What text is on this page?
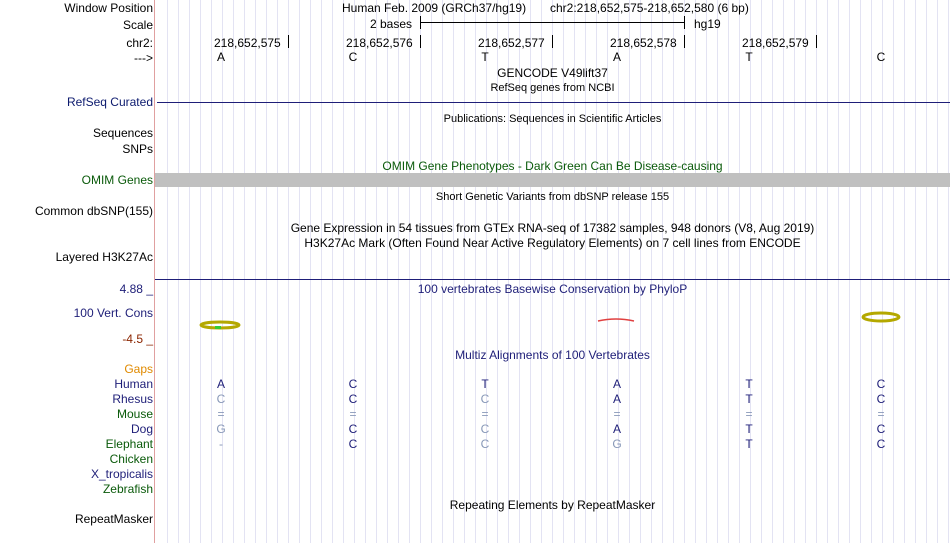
Window Position	Human Feb. 2009 (GRCh37/hg19) chr2:218,652,575-218,652,580 (6 bp)
Scale	2 bases	hg19
chr2:	218,652,575	218,652,576	218,652,577	218,652,578	218,652,579
--->	A	C	T	A	T	C
GENCODE V49lift37
RefSeq genes from NCBI
RefSeq Curated
Publications: Sequences in Scientific Articles
Sequences
SNPs
OMIM Gene Phenotypes - Dark Green Can Be Disease-causing
OMIM Genes
Short Genetic Variants from dbSNP release 155
Common dbSNP(155)
Gene Expression in 54 tissues from GTEx RNA-seq of 17382 samples, 948 donors (V8, Aug 2019)
H3K27Ac Mark (Often Found Near Active Regulatory Elements) on 7 cell lines from ENCODE
Layered H3K27Ac
4.88 _	100 vertebrates Basewise Conservation by PhyloP
100 Vert. Cons
-4.5 _
Multiz Alignments of 100 Vertebrates
Gaps
Human	A	C	T	A	T	C
Rhesus	C	C	C	A	T	C
Mouse	=	=	=	=	=	=
Dog	G	C	C	A	T	C
Elephant	-	C	C	G	T	C
Chicken
X_tropicalis
Zebrafish
Repeating Elements by RepeatMasker
RepeatMasker
